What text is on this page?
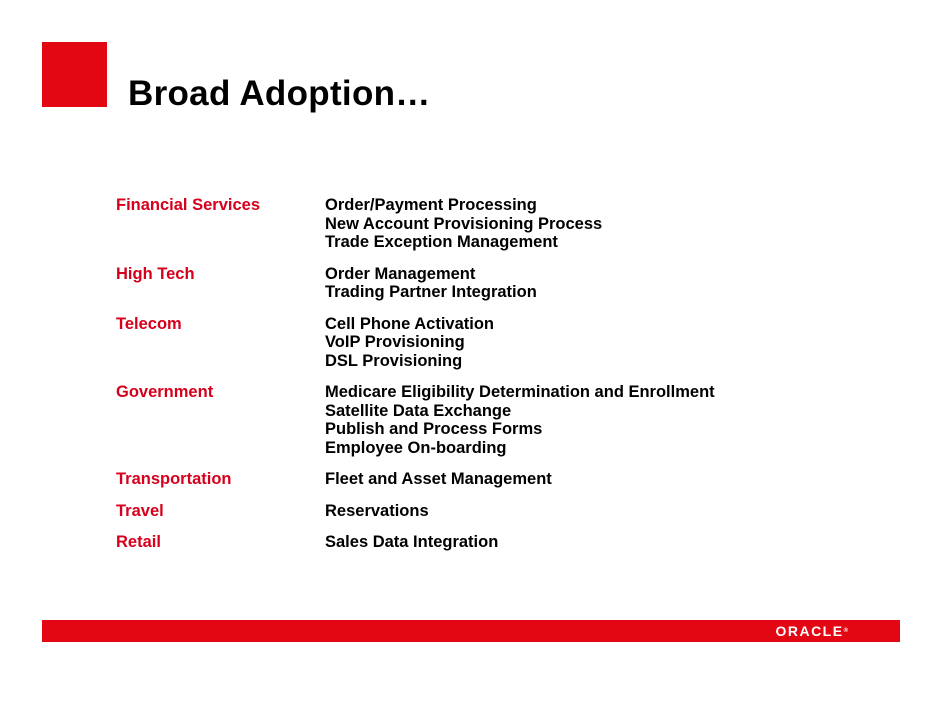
Broad Adoption…
Financial Services	Order/Payment Processing
New Account Provisioning Process
Trade Exception Management
High Tech	Order Management
Trading Partner Integration
Telecom	Cell Phone Activation
VoIP Provisioning
DSL Provisioning
Government	Medicare Eligibility Determination and Enrollment
Satellite Data Exchange
Publish and Process Forms
Employee On-boarding
Transportation	Fleet and Asset Management
Travel	Reservations
Retail	Sales Data Integration
ORACLE®
